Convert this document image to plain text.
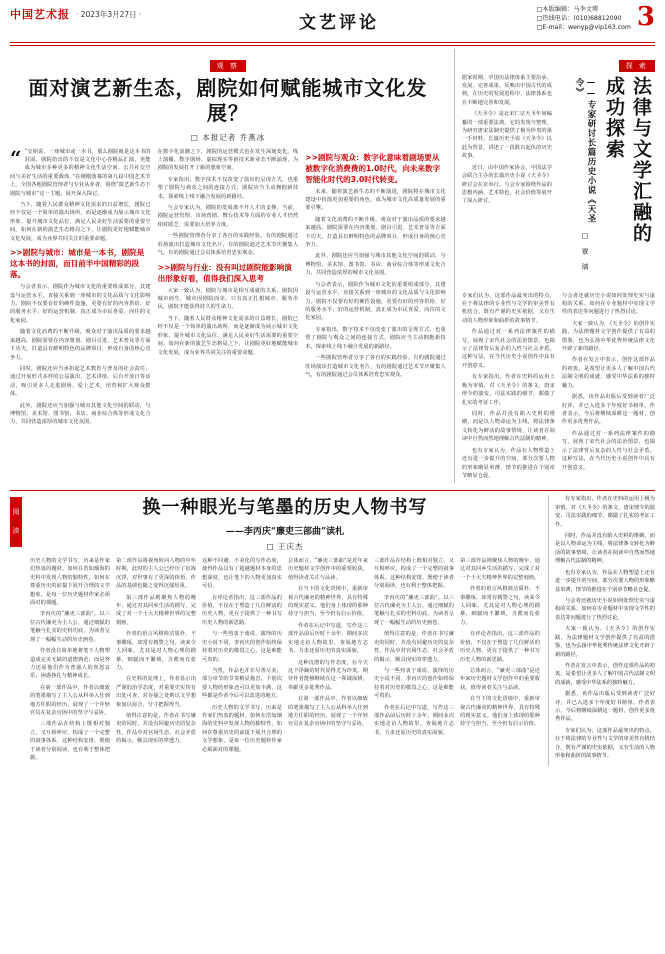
中国艺术报 · 2023年3月27日 ·	文艺评论
□本版编辑：马李文博
□热线电话：(010)68812090
□E-mail：wenyp@vip163.com 3
观 察
面对演艺新生态，剧院如何赋能城市文化发展？
□ 本报记者 乔燕冰

“ “交朋说，一座城市或一本书，那么剧院就是这本书的封面。剧院给出的不仅是文化中心谷精品汇演，更能成为城市多种更多的精神文化生活空间、公共社交空间与美好生活的重要载体。”在刚刚落幕的第九届中国艺术节上，全国各地剧院管理者与专业从业者，围绕“演艺新生态下剧院与城市”这一主题，展开深入探讨。

当下，随着人民群众精神文化需求的日益增长，剧院已经不仅是一个简单的演出场所，而是逐渐成为展示城市文化形象、提升城市文化品位、满足人民美好生活需要的重要空间。如何在新的演艺生态格局之下，让剧院更好地赋能城市文化发展，成为业界共同关注的重要命题。

>>剧院与城市：城市是一本书，剧院是这本书的封面，而目前半中国精彩的段落。

与会者表示，剧院作为城市文化的重要组成部分，其建设与运营水平，直接关系到一座城市的文化品质与文化影响力。剧院不仅要有好的硬件设施，更要有好的内容供给、好的服务水平、好的运营机制，真正成为市民喜爱、向往的文化家园。

随着文化消费的不断升级，观众对于演出品质的要求越来越高。剧院需要在内容策划、剧目引进、艺术普及等方面下功夫，打造具有鲜明特色的品牌项目，形成自身的核心竞争力。

同时，剧院还应当承担起艺术教育与普及的社会责任，通过开展形式多样的公益演出、艺术讲座、后台开放日等活动，吸引更多人走进剧场、爱上艺术，培育和扩大观众群体。

此外，剧院还应当加强与城市其他文化空间的联动，与博物馆、美术馆、图书馆、书店、商业综合体等形成文化合力，共同营造浓厚的城市文化氛围。

在数字化浪潮之下，剧院的运营模式也在发生深刻变化。线上演播、数字剧场、虚拟现实等新技术新业态不断涌现，为剧院的发展打开了新的想象空间。

专家指出，数字技术不仅改变了演出的呈现方式，也重塑了剧院与观众之间的连接方式。剧院应当主动拥抱新技术，探索线上线下融合发展的新路径。

与会专家认为，剧院的发展离不开人才的支撑。当前，剧院运营管理、市场营销、舞台技术等方面的专业人才仍然相对匮乏，需要加大培养力度。

一些剧院管理者分享了各自的实践经验。有的剧院通过驻场演出打造城市文化名片，有的剧院通过艺术节庆聚集人气，有的剧院通过会员体系培育忠实观众。

>>剧院与行业：没有叫过剧院能影响演出形象好看，值得我们深入思考

大家一致认为，剧院与城市是相互成就的关系。剧院因城市而生，城市因剧院而美。只有真正扎根城市、服务市民，剧院才能获得持久的生命力。

当下，随着人民群众精神文化需求的日益增长，剧院已经不仅是一个简单的演出场所，而是逐渐成为展示城市文化形象、提升城市文化品位、满足人民美好生活需要的重要空间。如何在新的演艺生态格局之下，让剧院更好地赋能城市文化发展，成为业界共同关注的重要命题。

>>剧院与观众：数字化意味着剧场要从被数字化消费费的1.0时代，向未来数字智能化时代的3.0时代转变。

未来，随着演艺新生态的不断演进，剧院将在城市文化建设中扮演更加重要的角色，成为城市文化高质量发展的重要引擎。

随着文化消费的不断升级，观众对于演出品质的要求越来越高。剧院需要在内容策划、剧目引进、艺术普及等方面下功夫，打造具有鲜明特色的品牌项目，形成自身的核心竞争力。

此外，剧院还应当加强与城市其他文化空间的联动，与博物馆、美术馆、图书馆、书店、商业综合体等形成文化合力，共同营造浓厚的城市文化氛围。

与会者表示，剧院作为城市文化的重要组成部分，其建设与运营水平，直接关系到一座城市的文化品质与文化影响力。剧院不仅要有好的硬件设施，更要有好的内容供给、好的服务水平、好的运营机制，真正成为市民喜爱、向往的文化家园。

专家指出，数字技术不仅改变了演出的呈现方式，也重塑了剧院与观众之间的连接方式。剧院应当主动拥抱新技术，探索线上线下融合发展的新路径。

一些剧院管理者分享了各自的实践经验。有的剧院通过驻场演出打造城市文化名片，有的剧院通过艺术节庆聚集人气，有的剧院通过会员体系培育忠实观众。

探 索

据家时期，中国历法律体系主要沿承、发展、完善成果，反映出中国古代的成熟，在历史的发展进程中，法律体系也在不断地完善和发展。

《天圣令》是北宋仁宗天圣年间编纂的一部重要法典，它的发现与整理，为研究唐宋法制史提供了极为珍贵的第一手材料。长篇历史小说《天圣令》以此为背景，讲述了一段跌宕起伏的历史故事。

近日，由中国作家协会、中国法学会联合主办的长篇历史小说《天圣令》研讨会在京举行。与会专家围绕作品的思想内涵、艺术特色、社会价值等展开了深入研讨。	法律与文学汇融的成功探索
——专家研讨长篇历史小说《天圣令》
□ 覃 璃

专家们认为，这部作品最突出的特点，在于将法律的专业性与文学的审美性有机结合，既有严谨的史实依据，又有生动的人物形象和曲折的故事情节。

作品通过对一系列法律案件的描写，展现了宋代社会的法治图景，也揭示了法律背后复杂的人性与社会矛盾。这种写法，在当代历史小说创作中具有开创意义。

有专家指出，作者在史料的运用上极为审慎，对《天圣令》的条文、唐宋律令的演变、司法实践的细节，都做了扎实的考证工作。

同时，作品并没有陷入史料的堆砌，而是以人物命运为主线，将法律条文转化为鲜活的故事情境，让读者在阅读中自然而然地理解古代法制的精神。

也有专家认为，作品在人物塑造上还有进一步提升的空间，部分次要人物的形象略显单薄，情节的推进在个别章节略显仓促。

与会者还就历史小说如何处理史实与虚构的关系、如何在专业题材中实现文学性的表达等问题进行了热烈讨论。

大家一致认为，《天圣令》的创作实践，为法律题材文学创作提供了有益的借鉴，也为弘扬中华优秀传统法律文化开辟了新的路径。

作者在发言中表示，创作这部作品的初衷，是希望让更多人了解中国古代法制文明的成就，感受中华法系的独特魅力。

据悉，该作品出版后受到读者广泛好评，并已入选多个年度好书榜单。作者表示，今后将继续深耕这一题材，创作更多优秀作品。

作品通过对一系列法律案件的描写，展现了宋代社会的法治图景，也揭示了法律背后复杂的人性与社会矛盾。这种写法，在当代历史小说创作中具有开创意义。

阅 读
换一种眼光与笔墨的历史人物书写
——李丙庆“廉吏三部曲”读札
□ 王庆杰

历史人物的文学书写，历来是作家们热衷的题材。如何在浩如烟海的史料中发现人物的独特性，如何在尊重历史的前提下展开合理的文学想象，是每一位历史题材作家必须面对的课题。

李丙庆的“廉吏三部曲”，以三位古代廉吏为主人公，通过细腻的笔触与扎实的史料功底，为读者呈现了一幅幅生动的历史画卷。

作者没有简单地将笔下人物塑造成完美无缺的道德典范，而是努力还原他们作为普通人的喜怒哀乐、困惑挣扎与精神成长。

在第一部作品中，作者以细致的笔墨描写了主人公从科举入仕到地方任职的经历，展现了一个年轻官员在复杂官场中的坚守与妥协。

三部作品在结构上既相对独立，又互相呼应，构成了一个完整的叙事体系。这种结构安排，既便于读者分别阅读，也有利于整体把握。

第二部作品将视角转向人物的中年时期，此时的主人公已经历了宦海沉浮，对世事有了更深的体悟，作品的基调也随之变得沉郁厚重。

第三部作品则聚焦人物的晚年，通过对其回乡生活的描写，完成了对一个士大夫精神世界的完整刻画。

作者的语言风格简洁质朴，不事雕琢，却常有精警之句，读来令人回味。尤其是对人物心理的描摹，细腻而不繁琐，含蓄而有张力。

在史料的处理上，作者显示出严谨的治学态度，对重要史实均有出处可查，对存疑之处则以文学想象加以弥合，分寸把握得当。

值得注意的是，作者在书写廉吏的同时，并没有回避历史的复杂性。作品中对官场生态、社会矛盾的揭示，颇具现实的穿透力。

这种不回避、不美化的写作态度，使得作品具有了超越题材本身的思想深度，也让笔下的人物更加真实可信。

有评论者指出，这三部作品的价值，不仅在于塑造了几位鲜活的历史人物，更在于提供了一种书写历史人物的新思路。

与一些热衷于戏说、演绎的历史小说不同，李丙庆的创作始终保持着对历史的敬畏之心，这是难能可贵的。

当然，作品也并非尽善尽美。部分章节的节奏稍显拖沓，个别次要人物的形象还可以更加丰满，这些都是作者今后可以改进的地方。

历史人物的文学书写，历来是作家们热衷的题材。如何在浩如烟海的史料中发现人物的独特性，如何在尊重历史的前提下展开合理的文学想象，是每一位历史题材作家必须面对的课题。

总体而言，“廉吏三部曲”是近年来历史题材文学创作中的重要收获，值得读者关注与品读。

在当下的文化语境中，重新审视古代廉吏的精神世界，具有特殊的现实意义。他们身上体现的那种持守与担当，至今仍有启示价值。

作者在后记中写道，写作这三部作品前后历时十余年，期间多次实地走访人物故里，查阅地方志书，力求还原历史的真实面貌。

这种沉潜的写作态度，在今天这个浮躁的时代显得尤为珍贵。期待作者能够继续在这一领域深耕，奉献更多优秀作品。

在第一部作品中，作者以细致的笔墨描写了主人公从科举入仕到地方任职的经历，展现了一个年轻官员在复杂官场中的坚守与妥协。

三部作品在结构上既相对独立，又互相呼应，构成了一个完整的叙事体系。这种结构安排，既便于读者分别阅读，也有利于整体把握。

李丙庆的“廉吏三部曲”，以三位古代廉吏为主人公，通过细腻的笔触与扎实的史料功底，为读者呈现了一幅幅生动的历史画卷。

值得注意的是，作者在书写廉吏的同时，并没有回避历史的复杂性。作品中对官场生态、社会矛盾的揭示，颇具现实的穿透力。

与一些热衷于戏说、演绎的历史小说不同，李丙庆的创作始终保持着对历史的敬畏之心，这是难能可贵的。

作者在后记中写道，写作这三部作品前后历时十余年，期间多次实地走访人物故里，查阅地方志书，力求还原历史的真实面貌。

第三部作品则聚焦人物的晚年，通过对其回乡生活的描写，完成了对一个士大夫精神世界的完整刻画。

作者的语言风格简洁质朴，不事雕琢，却常有精警之句，读来令人回味。尤其是对人物心理的描摹，细腻而不繁琐，含蓄而有张力。

有评论者指出，这三部作品的价值，不仅在于塑造了几位鲜活的历史人物，更在于提供了一种书写历史人物的新思路。

总体而言，“廉吏三部曲”是近年来历史题材文学创作中的重要收获，值得读者关注与品读。

在当下的文化语境中，重新审视古代廉吏的精神世界，具有特殊的现实意义。他们身上体现的那种持守与担当，至今仍有启示价值。

有专家指出，作者在史料的运用上极为审慎，对《天圣令》的条文、唐宋律令的演变、司法实践的细节，都做了扎实的考证工作。

同时，作品并没有陷入史料的堆砌，而是以人物命运为主线，将法律条文转化为鲜活的故事情境，让读者在阅读中自然而然地理解古代法制的精神。

也有专家认为，作品在人物塑造上还有进一步提升的空间，部分次要人物的形象略显单薄，情节的推进在个别章节略显仓促。

与会者还就历史小说如何处理史实与虚构的关系、如何在专业题材中实现文学性的表达等问题进行了热烈讨论。

大家一致认为，《天圣令》的创作实践，为法律题材文学创作提供了有益的借鉴，也为弘扬中华优秀传统法律文化开辟了新的路径。

作者在发言中表示，创作这部作品的初衷，是希望让更多人了解中国古代法制文明的成就，感受中华法系的独特魅力。

据悉，该作品出版后受到读者广泛好评，并已入选多个年度好书榜单。作者表示，今后将继续深耕这一题材，创作更多优秀作品。

专家们认为，这部作品最突出的特点，在于将法律的专业性与文学的审美性有机结合，既有严谨的史实依据，又有生动的人物形象和曲折的故事情节。
